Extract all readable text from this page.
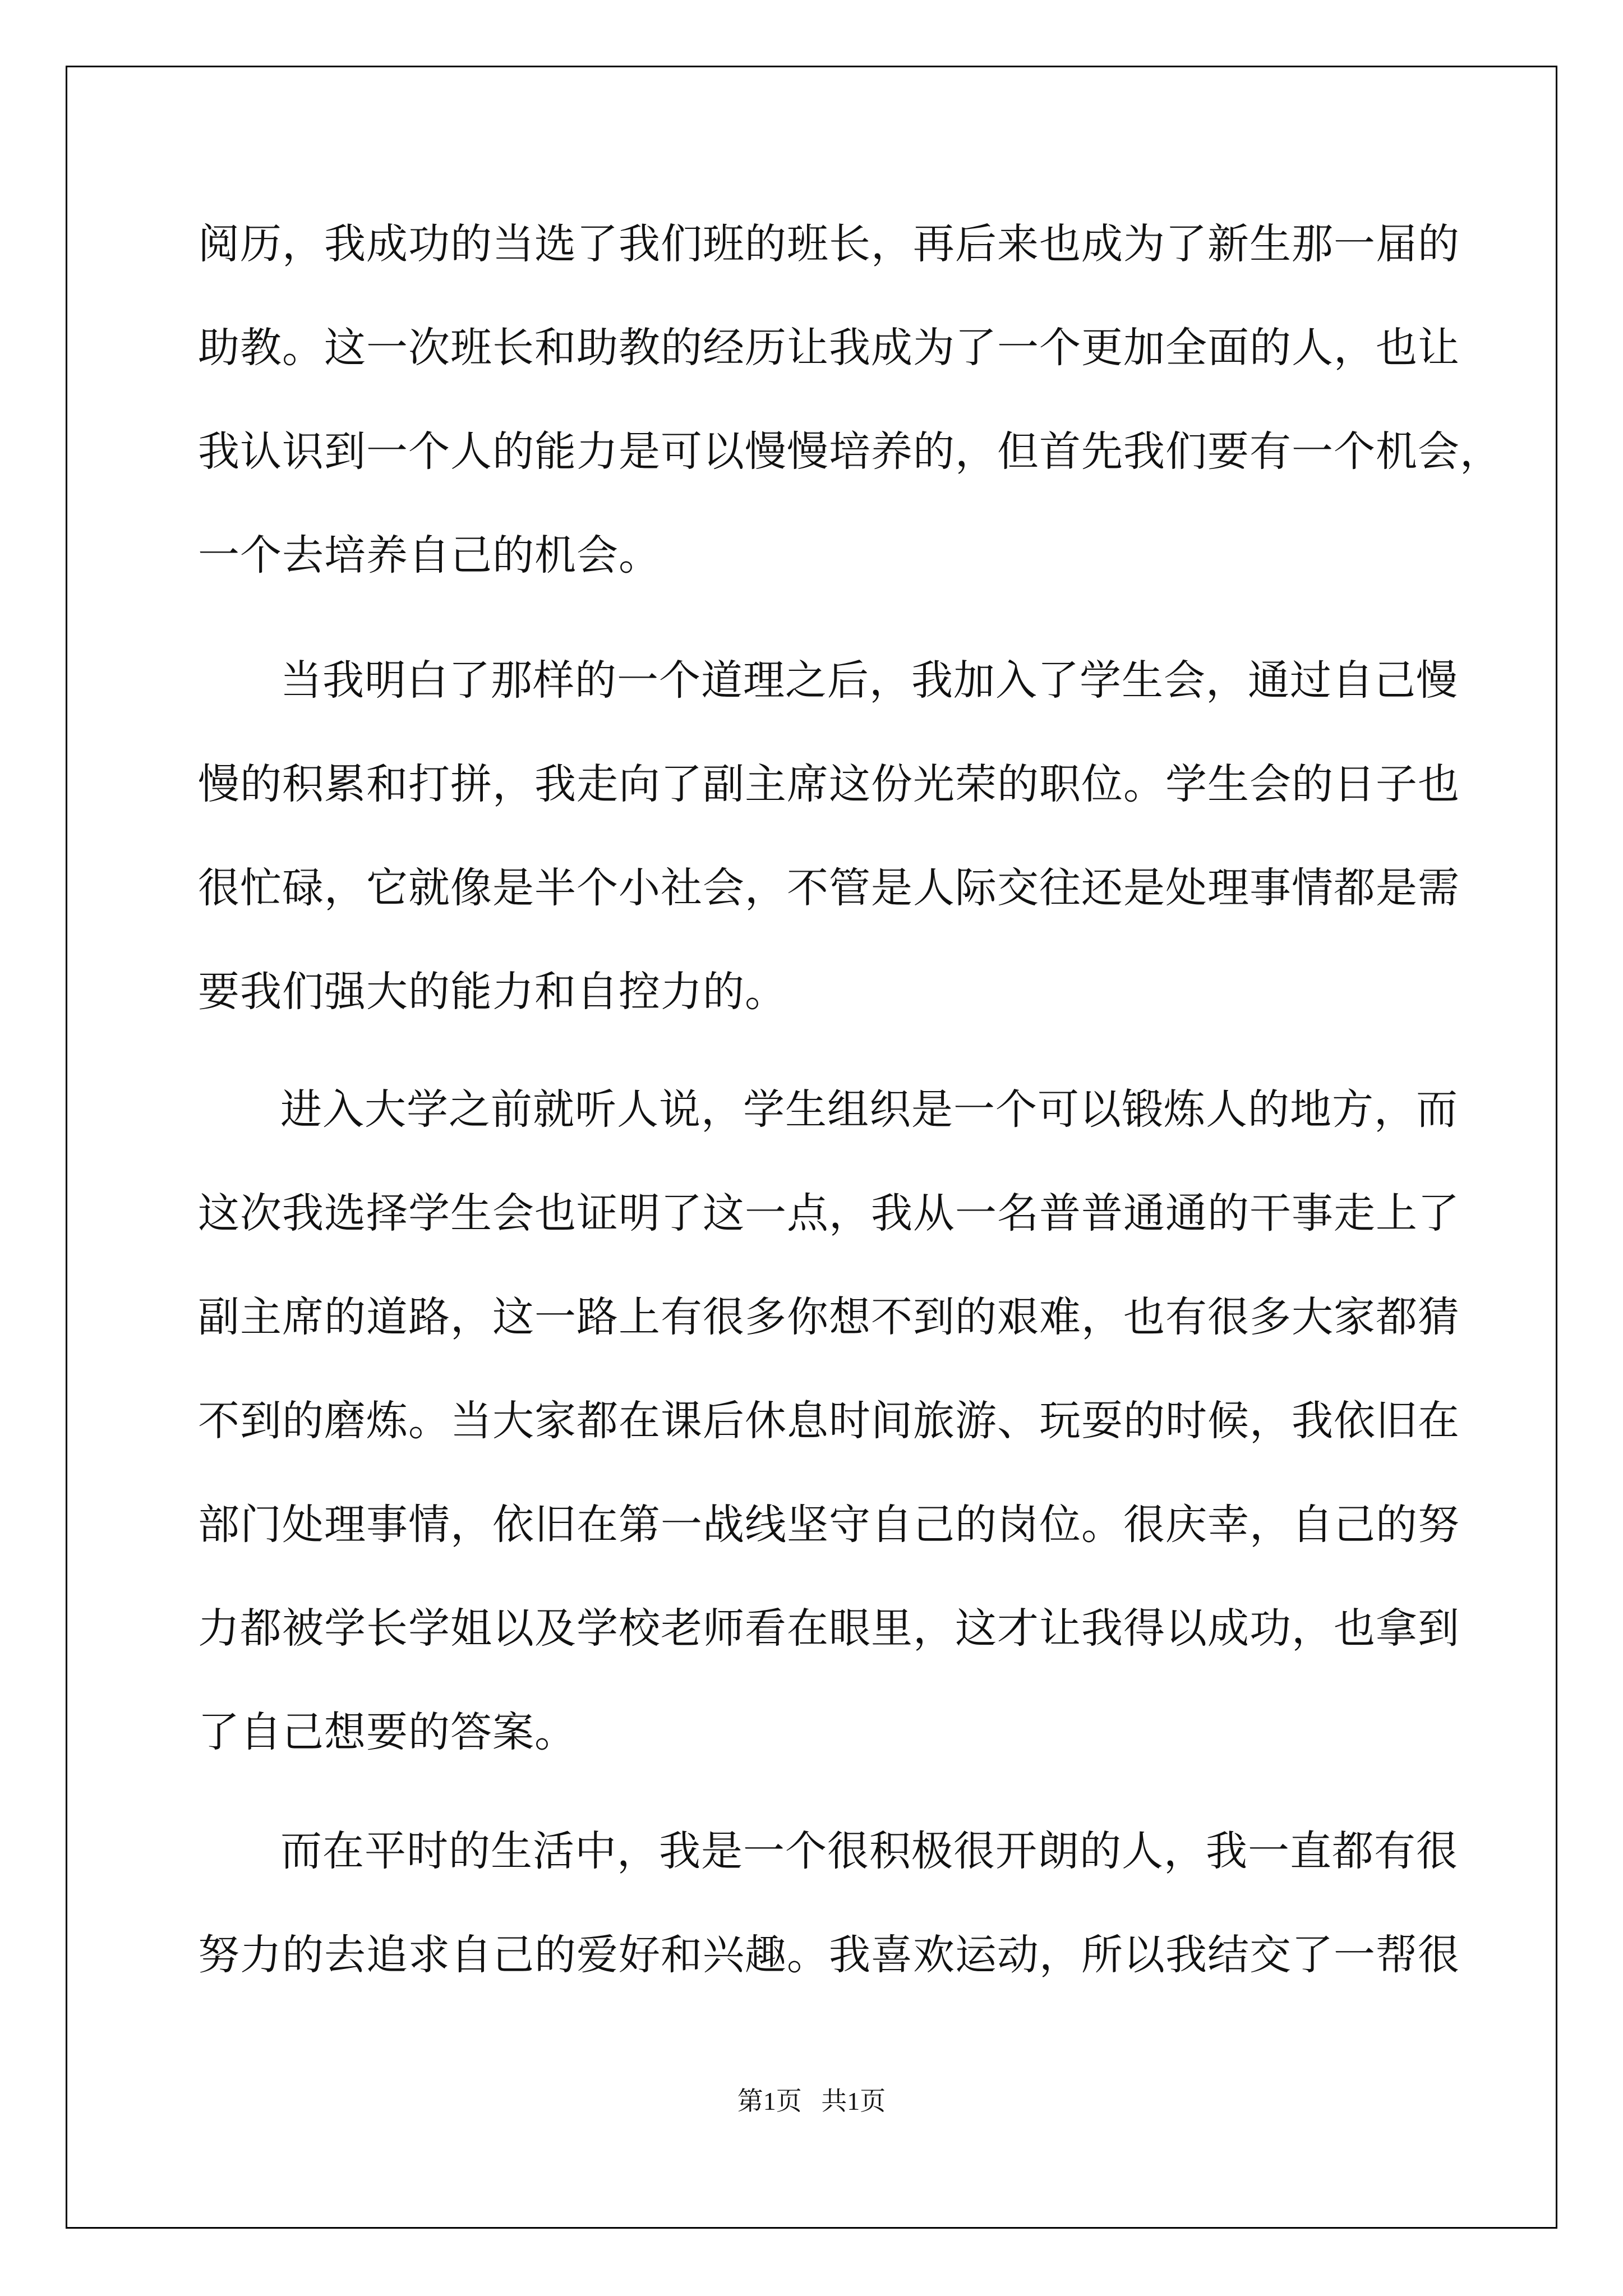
阅历，我成功的当选了我们班的班长，再后来也成为了新生那一届的
助教。这一次班长和助教的经历让我成为了一个更加全面的人，也让
我认识到一个人的能力是可以慢慢培养的，但首先我们要有一个机会，
一个去培养自己的机会。
当我明白了那样的一个道理之后，我加入了学生会，通过自己慢
慢的积累和打拼，我走向了副主席这份光荣的职位。学生会的日子也
很忙碌，它就像是半个小社会，不管是人际交往还是处理事情都是需
要我们强大的能力和自控力的。
进入大学之前就听人说，学生组织是一个可以锻炼人的地方，而
这次我选择学生会也证明了这一点，我从一名普普通通的干事走上了
副主席的道路，这一路上有很多你想不到的艰难，也有很多大家都猜
不到的磨炼。当大家都在课后休息时间旅游、玩耍的时候，我依旧在
部门处理事情，依旧在第一战线坚守自己的岗位。很庆幸，自己的努
力都被学长学姐以及学校老师看在眼里，这才让我得以成功，也拿到
了自己想要的答案。
而在平时的生活中，我是一个很积极很开朗的人，我一直都有很
努力的去追求自己的爱好和兴趣。我喜欢运动，所以我结交了一帮很
第1页   共1页
